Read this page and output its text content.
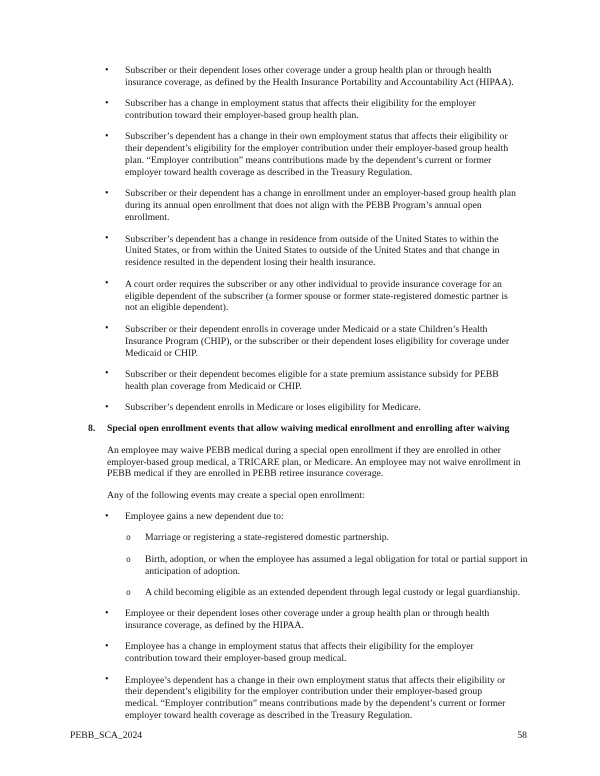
• Subscriber or their dependent loses other coverage under a group health plan or through health insurance coverage, as defined by the Health Insurance Portability and Accountability Act (HIPAA).
• Subscriber has a change in employment status that affects their eligibility for the employer contribution toward their employer-based group health plan.
• Subscriber’s dependent has a change in their own employment status that affects their eligibility or their dependent’s eligibility for the employer contribution under their employer-based group health plan. “Employer contribution” means contributions made by the dependent’s current or former employer toward health coverage as described in the Treasury Regulation.
• Subscriber or their dependent has a change in enrollment under an employer-based group health plan during its annual open enrollment that does not align with the PEBB Program’s annual open enrollment.
• Subscriber’s dependent has a change in residence from outside of the United States to within the United States, or from within the United States to outside of the United States and that change in residence resulted in the dependent losing their health insurance.
• A court order requires the subscriber or any other individual to provide insurance coverage for an eligible dependent of the subscriber (a former spouse or former state-registered domestic partner is not an eligible dependent).
• Subscriber or their dependent enrolls in coverage under Medicaid or a state Children’s Health Insurance Program (CHIP), or the subscriber or their dependent loses eligibility for coverage under Medicaid or CHIP.
• Subscriber or their dependent becomes eligible for a state premium assistance subsidy for PEBB health plan coverage from Medicaid or CHIP.
• Subscriber’s dependent enrolls in Medicare or loses eligibility for Medicare.
8. Special open enrollment events that allow waiving medical enrollment and enrolling after waiving

An employee may waive PEBB medical during a special open enrollment if they are enrolled in other employer-based group medical, a TRICARE plan, or Medicare. An employee may not waive enrollment in PEBB medical if they are enrolled in PEBB retiree insurance coverage.

Any of the following events may create a special open enrollment:

• Employee gains a new dependent due to:
o Marriage or registering a state-registered domestic partnership.
o Birth, adoption, or when the employee has assumed a legal obligation for total or partial support in anticipation of adoption.
o A child becoming eligible as an extended dependent through legal custody or legal guardianship.
• Employee or their dependent loses other coverage under a group health plan or through health insurance coverage, as defined by the HIPAA.
• Employee has a change in employment status that affects their eligibility for the employer contribution toward their employer-based group medical.
• Employee’s dependent has a change in their own employment status that affects their eligibility or their dependent’s eligibility for the employer contribution under their employer-based group medical. “Employer contribution” means contributions made by the dependent’s current or former employer toward health coverage as described in the Treasury Regulation.
PEBB_SCA_2024	58
